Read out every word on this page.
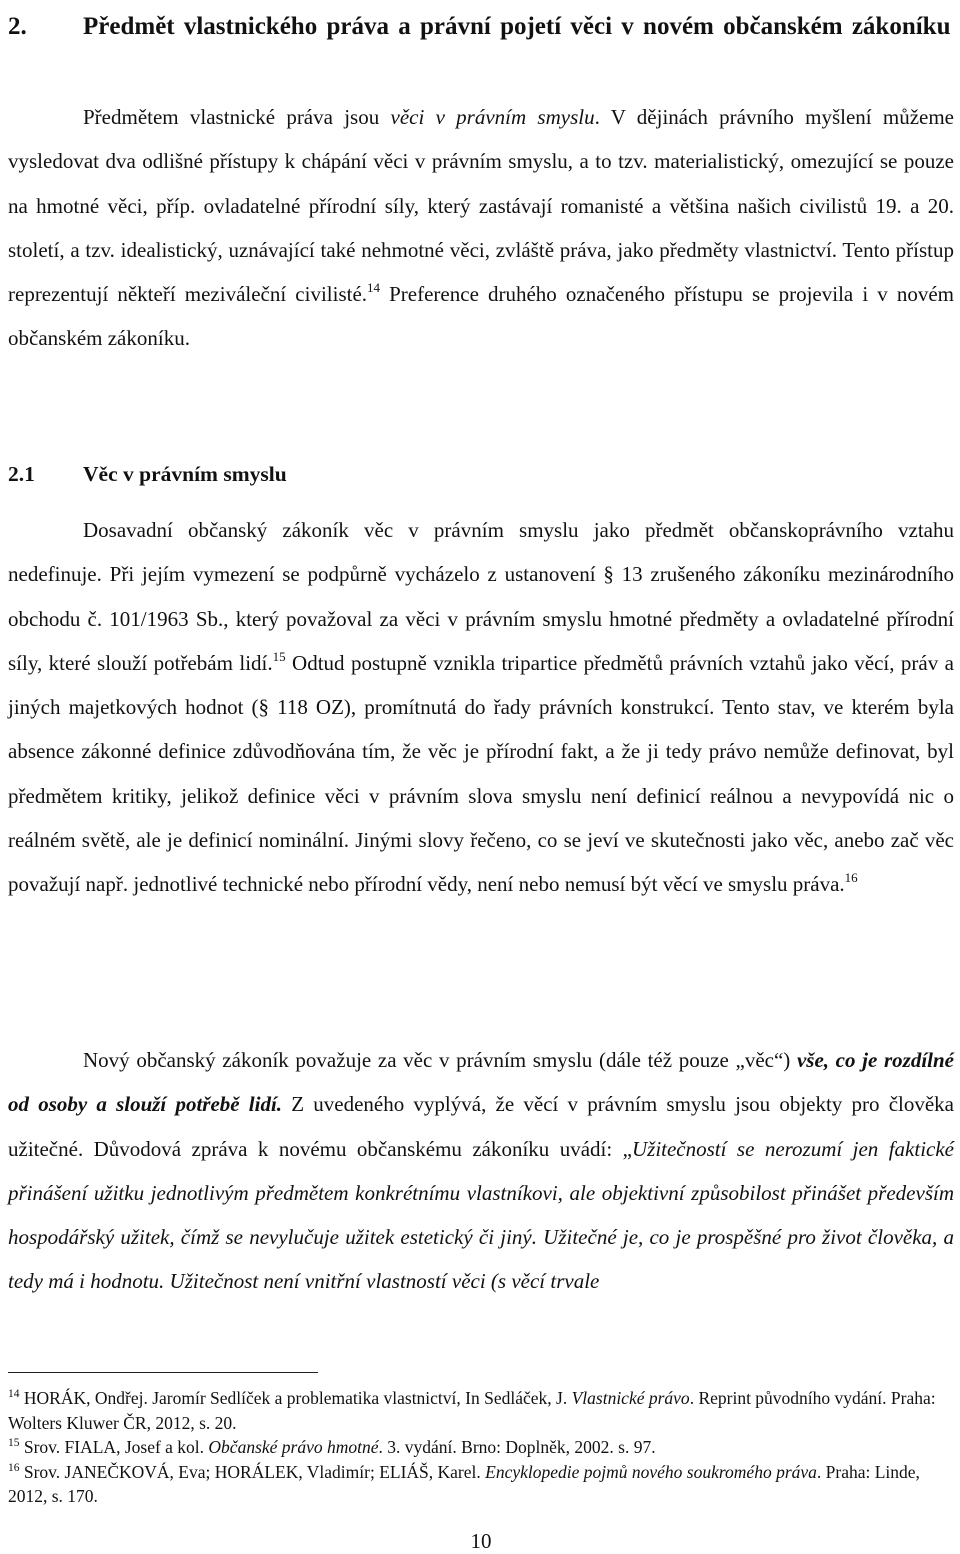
2. Předmět vlastnického práva a právní pojetí věci v novém občanském zákoníku

Předmětem vlastnické práva jsou věci v právním smyslu. V dějinách právního myšlení můžeme vysledovat dva odlišné přístupy k chápání věci v právním smyslu, a to tzv. materialistický, omezující se pouze na hmotné věci, příp. ovladatelné přírodní síly, který zastávají romanisté a většina našich civilistů 19. a 20. století, a tzv. idealistický, uznávající také nehmotné věci, zvláště práva, jako předměty vlastnictví. Tento přístup reprezentují někteří meziváleční civilisté.$^{14}$ Preference druhého označeného přístupu se projevila i v novém občanském zákoníku.

2.1 Věc v právním smyslu

Dosavadní občanský zákoník věc v právním smyslu jako předmět občanskoprávního vztahu nedefinuje. Při jejím vymezení se podpůrně vycházelo z ustanovení § 13 zrušeného zákoníku mezinárodního obchodu č. 101/1963 Sb., který považoval za věci v právním smyslu hmotné předměty a ovladatelné přírodní síly, které slouží potřebám lidí.$^{15}$ Odtud postupně vznikla tripartice předmětů právních vztahů jako věcí, práv a jiných majetkových hodnot (§ 118 OZ), promítnutá do řady právních konstrukcí. Tento stav, ve kterém byla absence zákonné definice zdůvodňována tím, že věc je přírodní fakt, a že ji tedy právo nemůže definovat, byl předmětem kritiky, jelikož definice věci v právním slova smyslu není definicí reálnou a nevypovídá nic o reálném světě, ale je definicí nominální. Jinými slovy řečeno, co se jeví ve skutečnosti jako věc, anebo zač věc považují např. jednotlivé technické nebo přírodní vědy, není nebo nemusí být věcí ve smyslu práva.$^{16}$

Nový občanský zákoník považuje za věc v právním smyslu (dále též pouze „věc“) vše, co je rozdílné od osoby a slouží potřebě lidí. Z uvedeného vyplývá, že věcí v právním smyslu jsou objekty pro člověka užitečné. Důvodová zpráva k novému občanskému zákoníku uvádí: „Užitečností se nerozumí jen faktické přinášení užitku jednotlivým předmětem konkrétnímu vlastníkovi, ale objektivní způsobilost přinášet především hospodářský užitek, čímž se nevylučuje užitek estetický či jiný. Užitečné je, co je prospěšné pro život člověka, a tedy má i hodnotu. Užitečnost není vnitřní vlastností věci (s věcí trvale

$^{14}$ HORÁK, Ondřej. Jaromír Sedlíček a problematika vlastnictví, In Sedláček, J. Vlastnické právo. Reprint původního vydání. Praha: Wolters Kluwer ČR, 2012, s. 20.

$^{15}$ Srov. FIALA, Josef a kol. Občanské právo hmotné. 3. vydání. Brno: Doplněk, 2002. s. 97.

$^{16}$ Srov. JANEČKOVÁ, Eva; HORÁLEK, Vladimír; ELIÁŠ, Karel. Encyklopedie pojmů nového soukromého práva. Praha: Linde, 2012, s. 170.

10
